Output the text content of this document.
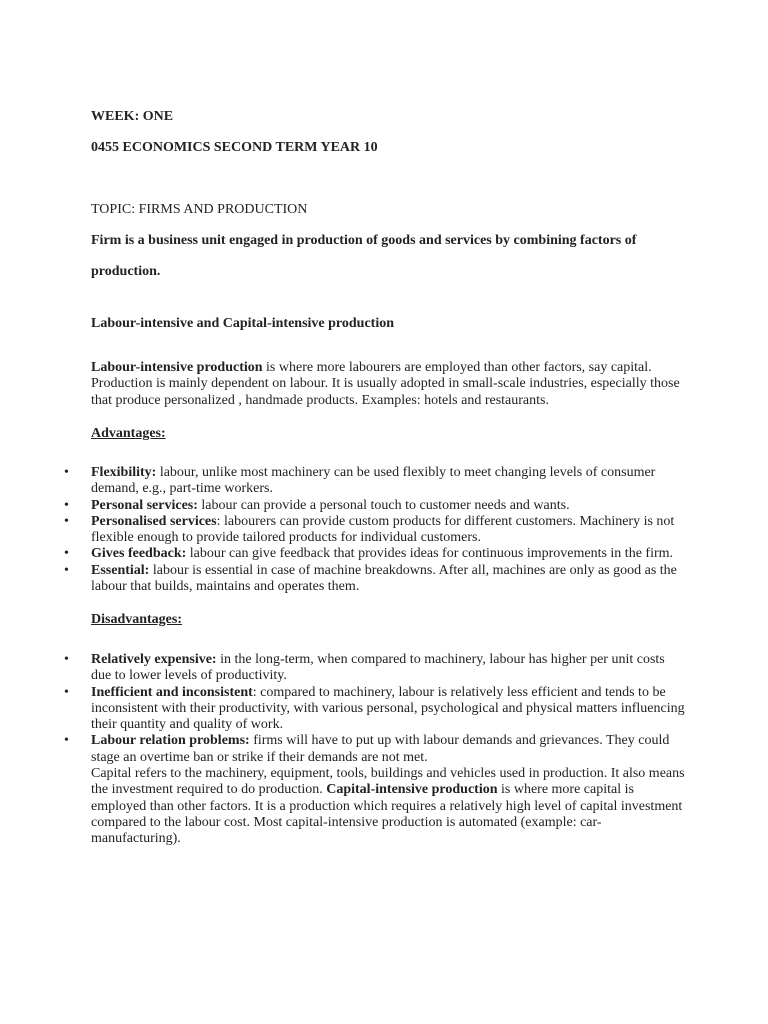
WEEK: ONE
0455 ECONOMICS SECOND TERM YEAR 10
TOPIC: FIRMS AND PRODUCTION
Firm is a business unit engaged in production of goods and services by combining factors of
production.
Labour-intensive and Capital-intensive production
Labour-intensive production is where more labourers are employed than other factors, say capital. Production is mainly dependent on labour. It is usually adopted in small-scale industries, especially those that produce personalized , handmade products. Examples: hotels and restaurants.
Advantages:
• Flexibility: labour, unlike most machinery can be used flexibly to meet changing levels of consumer demand, e.g., part-time workers.
• Personal services: labour can provide a personal touch to customer needs and wants.
• Personalised services: labourers can provide custom products for different customers. Machinery is not flexible enough to provide tailored products for individual customers.
• Gives feedback: labour can give feedback that provides ideas for continuous improvements in the firm.
• Essential: labour is essential in case of machine breakdowns. After all, machines are only as good as the labour that builds, maintains and operates them.
Disadvantages:
• Relatively expensive: in the long-term, when compared to machinery, labour has higher per unit costs due to lower levels of productivity.
• Inefficient and inconsistent: compared to machinery, labour is relatively less efficient and tends to be inconsistent with their productivity, with various personal, psychological and physical matters influencing their quantity and quality of work.
• Labour relation problems: firms will have to put up with labour demands and grievances. They could stage an overtime ban or strike if their demands are not met.
Capital refers to the machinery, equipment, tools, buildings and vehicles used in production. It also means the investment required to do production. Capital-intensive production is where more capital is employed than other factors. It is a production which requires a relatively high level of capital investment compared to the labour cost. Most capital-intensive production is automated (example: car-manufacturing).
